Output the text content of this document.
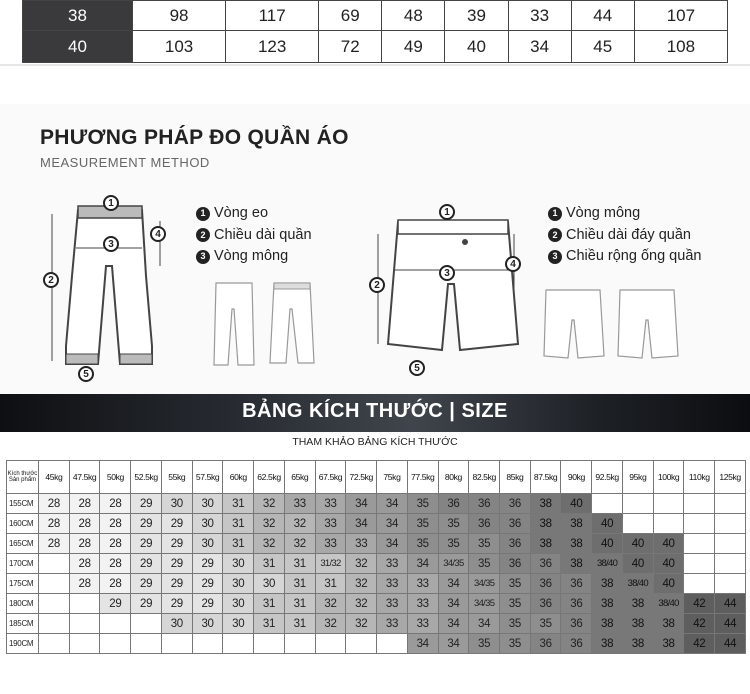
38	98	117	69	48	39	33	44	107
40	103	123	72	49	40	34	45	108
PHƯƠNG PHÁP ĐO QUẦN ÁO
MEASUREMENT METHOD
1
2
3
4
5
1 Vòng eo
2 Chiều dài quần
3 Vòng mông
1
2
3
4
5
1 Vòng mông
2 Chiều dài đáy quần
3 Chiều rộng ống quần
BẢNG KÍCH THƯỚC | SIZE
THAM KHẢO BẢNG KÍCH THƯỚC
Kích thước Sản phẩm	45kg	47.5kg	50kg	52.5kg	55kg	57.5kg	60kg	62.5kg	65kg	67.5kg	72.5kg	75kg	77.5kg	80kg	82.5kg	85kg	87.5kg	90kg	92.5kg	95kg	100kg	110kg	125kg
155CM	28	28	28	29	30	30	31	32	33	33	34	34	35	36	36	36	38	40					
160CM	28	28	28	29	29	30	31	32	32	33	34	34	35	35	36	36	38	38	40				
165CM	28	28	28	29	29	30	31	32	32	33	33	34	35	35	35	36	38	38	40	40	40		
170CM		28	28	29	29	29	30	31	31	31/32	32	33	34	34/35	35	36	36	38	38/40	40	40		
175CM		28	28	29	29	29	30	30	31	31	32	33	33	34	34/35	35	36	36	38	38/40	40		
180CM			29	29	29	29	30	31	31	32	32	33	33	34	34/35	35	36	36	38	38	38/40	42	44
185CM					30	30	30	31	31	32	32	33	33	34	34	35	35	36	38	38	38	42	44
190CM													34	34	35	35	36	36	38	38	38	42	44
